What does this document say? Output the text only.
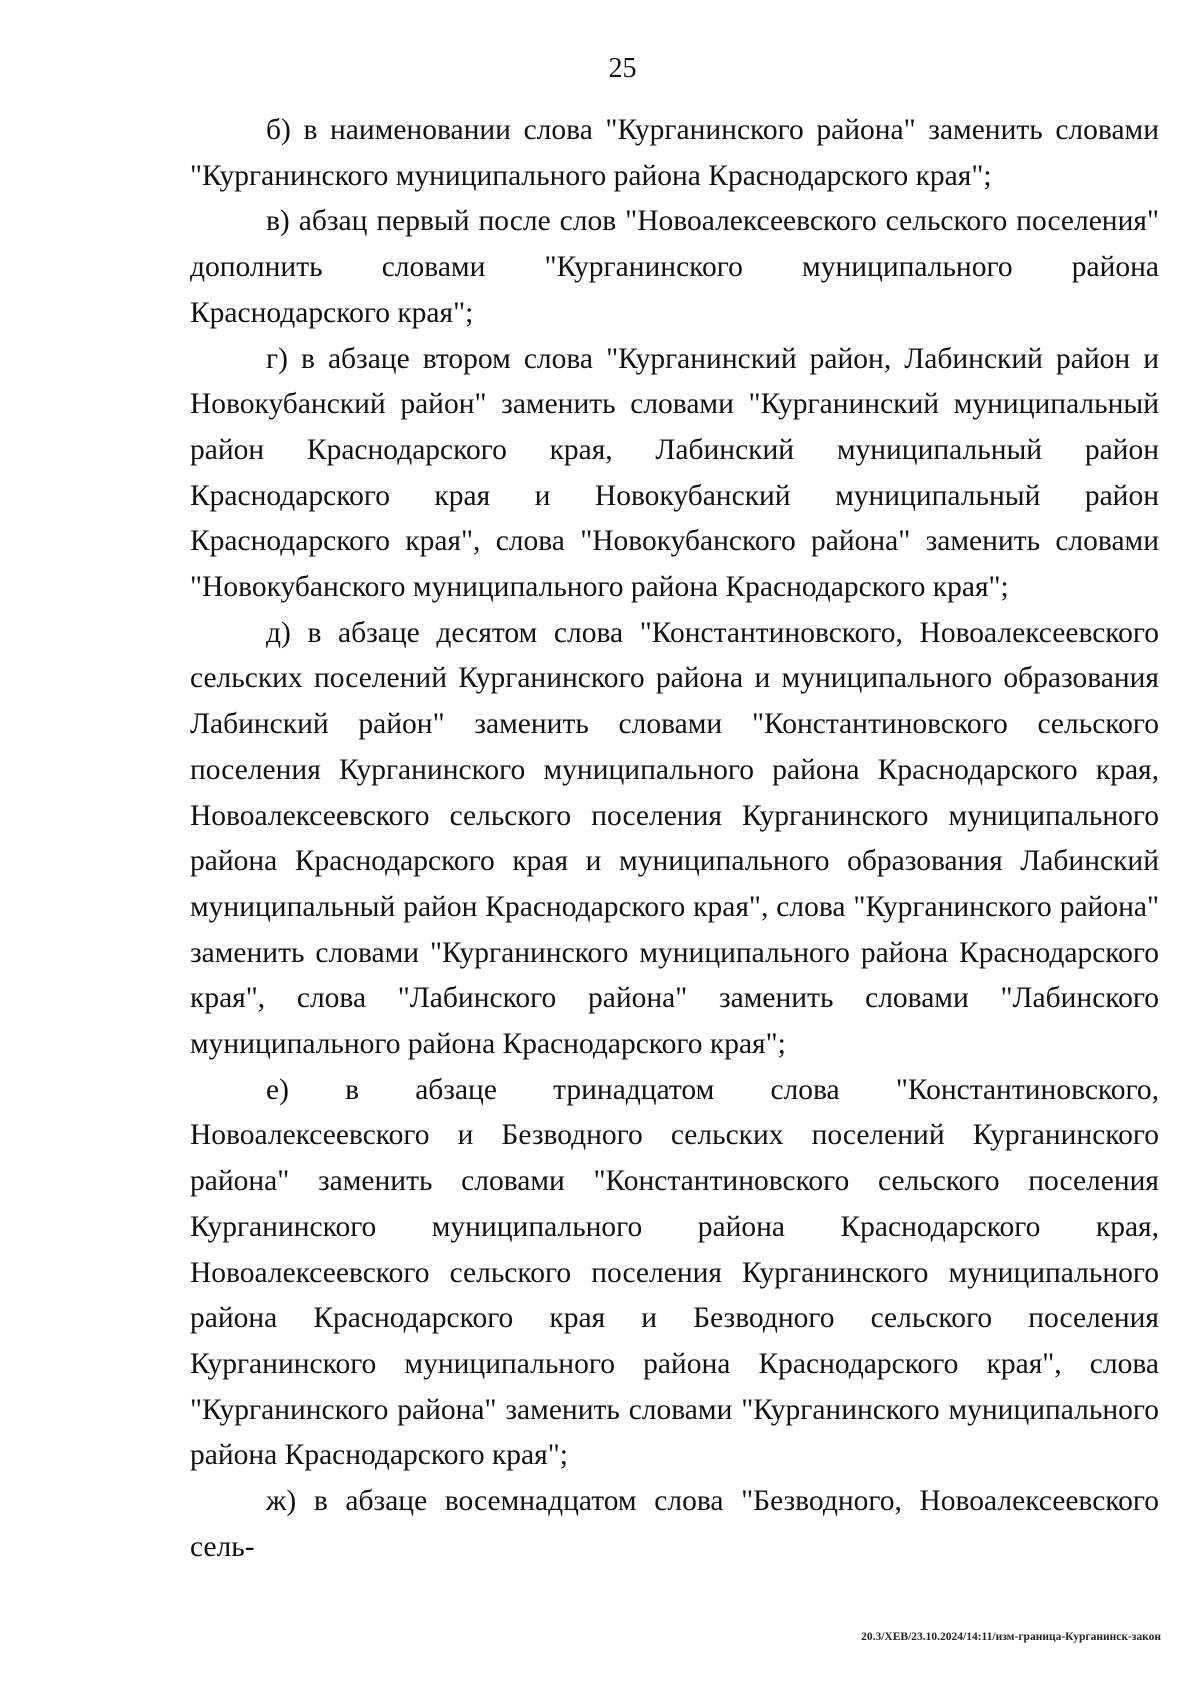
25

б) в наименовании слова "Курганинского района" заменить словами "Курганинского муниципального района Краснодарского края";

в) абзац первый после слов "Новоалексеевского сельского поселения" дополнить словами "Курганинского муниципального района Краснодарского края";

г) в абзаце втором слова "Курганинский район, Лабинский район и Новокубанский район" заменить словами "Курганинский муниципальный район Краснодарского края, Лабинский муниципальный район Краснодарского края и Новокубанский муниципальный район Краснодарского края", слова "Новокубанского района" заменить словами "Новокубанского муниципального района Краснодарского края";

д) в абзаце десятом слова "Константиновского, Новоалексеевского сельских поселений Курганинского района и муниципального образования Лабинский район" заменить словами "Константиновского сельского поселения Курганинского муниципального района Краснодарского края, Новоалексеевского сельского поселения Курганинского муниципального района Краснодарского края и муниципального образования Лабинский муниципальный район Краснодарского края", слова "Курганинского района" заменить словами "Курганинского муниципального района Краснодарского края", слова "Лабинского района" заменить словами "Лабинского муниципального района Краснодарского края";

е) в абзаце тринадцатом слова "Константиновского, Новоалексеевского и Безводного сельских поселений Курганинского района" заменить словами "Константиновского сельского поселения Курганинского муниципального района Краснодарского края, Новоалексеевского сельского поселения Курганинского муниципального района Краснодарского края и Безводного сельского поселения Курганинского муниципального района Краснодарского края", слова "Курганинского района" заменить словами "Курганинского муниципального района Краснодарского края";

ж) в абзаце восемнадцатом слова "Безводного, Новоалексеевского сель-

20.3/ХЕВ/23.10.2024/14:11/изм-граница-Курганинск-закон
